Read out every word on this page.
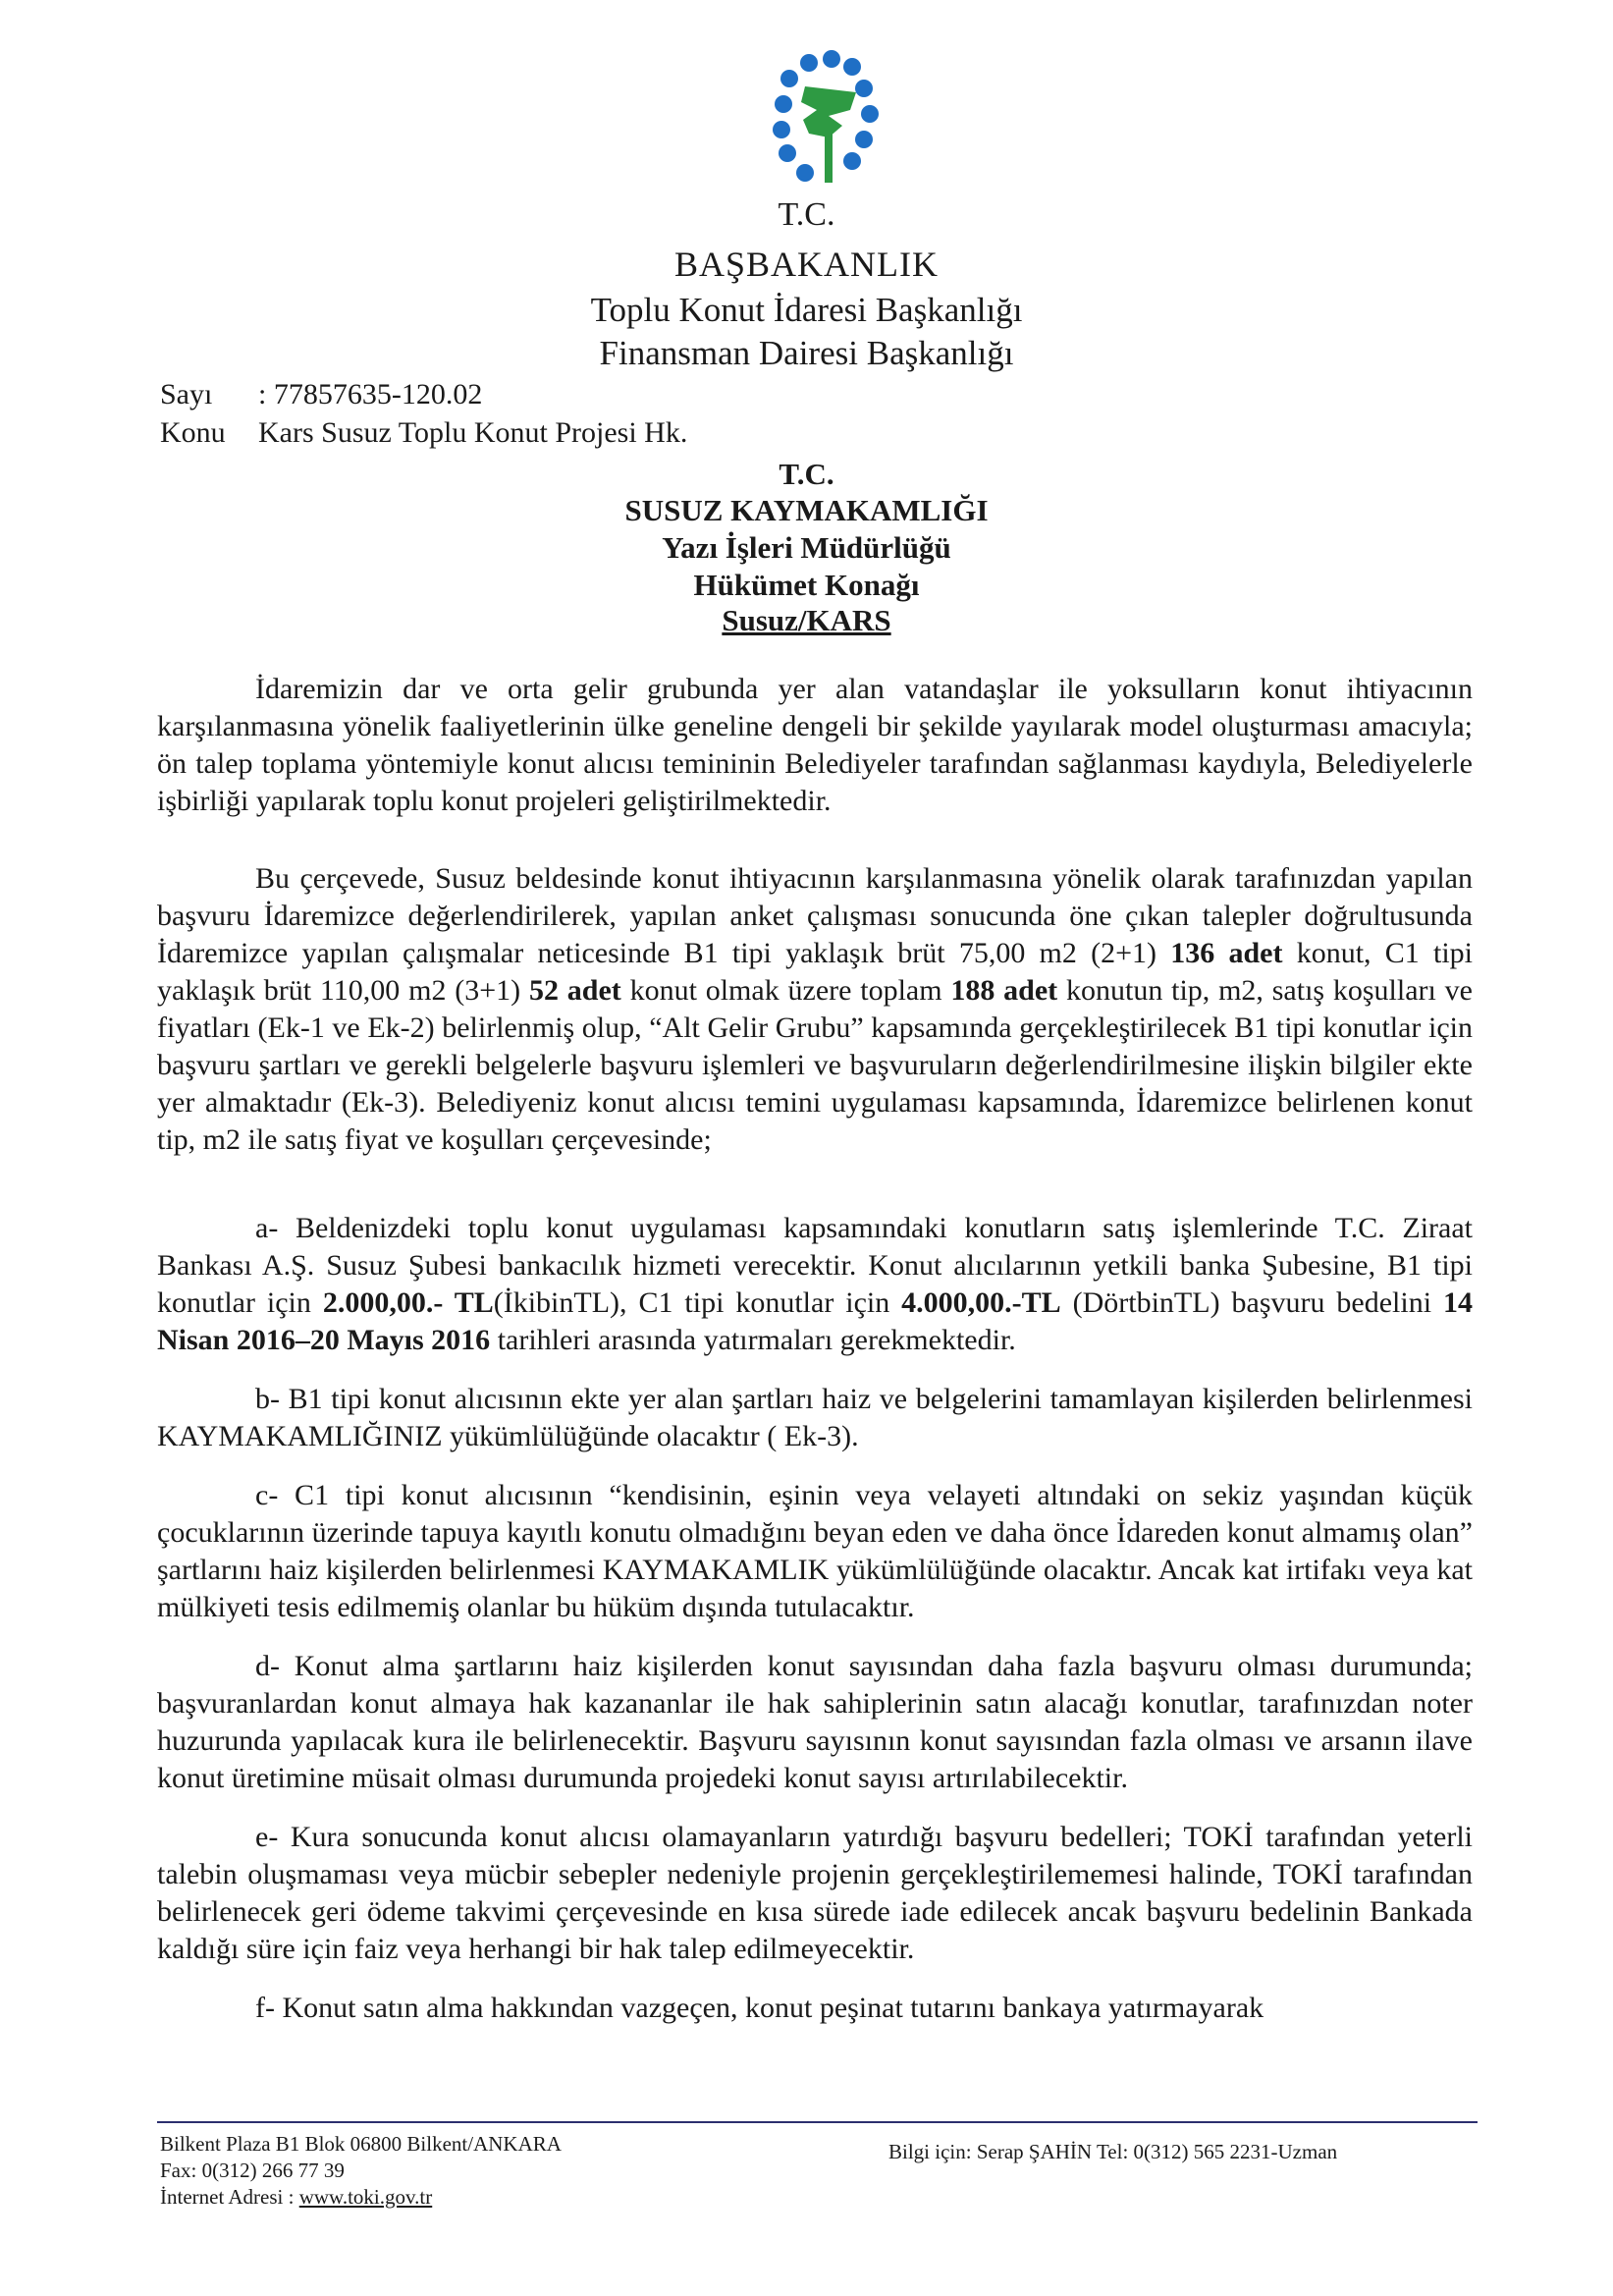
T.C.
BAŞBAKANLIK
Toplu Konut İdaresi Başkanlığı
Finansman Dairesi Başkanlığı
Sayı : 77857635-120.02
Konu Kars Susuz Toplu Konut Projesi Hk.
T.C.
SUSUZ KAYMAKAMLIĞI
Yazı İşleri Müdürlüğü
Hükümet Konağı
Susuz/KARS

İdaremizin dar ve orta gelir grubunda yer alan vatandaşlar ile yoksulların konut ihtiyacının karşılanmasına yönelik faaliyetlerinin ülke geneline dengeli bir şekilde yayılarak model oluşturması amacıyla; ön talep toplama yöntemiyle konut alıcısı temininin Belediyeler tarafından sağlanması kaydıyla, Belediyelerle işbirliği yapılarak toplu konut projeleri geliştirilmektedir.

Bu çerçevede, Susuz beldesinde konut ihtiyacının karşılanmasına yönelik olarak tarafınızdan yapılan başvuru İdaremizce değerlendirilerek, yapılan anket çalışması sonucunda öne çıkan talepler doğrultusunda İdaremizce yapılan çalışmalar neticesinde B1 tipi yaklaşık brüt 75,00 m2 (2+1) 136 adet konut, C1 tipi yaklaşık brüt 110,00 m2 (3+1) 52 adet konut olmak üzere toplam 188 adet konutun tip, m2, satış koşulları ve fiyatları (Ek-1 ve Ek-2) belirlenmiş olup, “Alt Gelir Grubu” kapsamında gerçekleştirilecek B1 tipi konutlar için başvuru şartları ve gerekli belgelerle başvuru işlemleri ve başvuruların değerlendirilmesine ilişkin bilgiler ekte yer almaktadır (Ek-3). Belediyeniz konut alıcısı temini uygulaması kapsamında, İdaremizce belirlenen konut tip, m2 ile satış fiyat ve koşulları çerçevesinde;

a- Beldenizdeki toplu konut uygulaması kapsamındaki konutların satış işlemlerinde T.C. Ziraat Bankası A.Ş. Susuz Şubesi bankacılık hizmeti verecektir. Konut alıcılarının yetkili banka Şubesine, B1 tipi konutlar için 2.000,00.- TL(İkibinTL), C1 tipi konutlar için 4.000,00.-TL (DörtbinTL) başvuru bedelini 14 Nisan 2016–20 Mayıs 2016 tarihleri arasında yatırmaları gerekmektedir.

b- B1 tipi konut alıcısının ekte yer alan şartları haiz ve belgelerini tamamlayan kişilerden belirlenmesi KAYMAKAMLIĞINIZ yükümlülüğünde olacaktır ( Ek-3).

c- C1 tipi konut alıcısının “kendisinin, eşinin veya velayeti altındaki on sekiz yaşından küçük çocuklarının üzerinde tapuya kayıtlı konutu olmadığını beyan eden ve daha önce İdareden konut almamış olan” şartlarını haiz kişilerden belirlenmesi KAYMAKAMLIK yükümlülüğünde olacaktır. Ancak kat irtifakı veya kat mülkiyeti tesis edilmemiş olanlar bu hüküm dışında tutulacaktır.

d- Konut alma şartlarını haiz kişilerden konut sayısından daha fazla başvuru olması durumunda; başvuranlardan konut almaya hak kazananlar ile hak sahiplerinin satın alacağı konutlar, tarafınızdan noter huzurunda yapılacak kura ile belirlenecektir. Başvuru sayısının konut sayısından fazla olması ve arsanın ilave konut üretimine müsait olması durumunda projedeki konut sayısı artırılabilecektir.

e- Kura sonucunda konut alıcısı olamayanların yatırdığı başvuru bedelleri; TOKİ tarafından yeterli talebin oluşmaması veya mücbir sebepler nedeniyle projenin gerçekleştirilememesi halinde, TOKİ tarafından belirlenecek geri ödeme takvimi çerçevesinde en kısa sürede iade edilecek ancak başvuru bedelinin Bankada kaldığı süre için faiz veya herhangi bir hak talep edilmeyecektir.

f- Konut satın alma hakkından vazgeçen, konut peşinat tutarını bankaya yatırmayarak

Bilkent Plaza B1 Blok 06800 Bilkent/ANKARA
Fax: 0(312) 266 77 39
İnternet Adresi : www.toki.gov.tr
Bilgi için: Serap ŞAHİN Tel: 0(312) 565 2231-Uzman
